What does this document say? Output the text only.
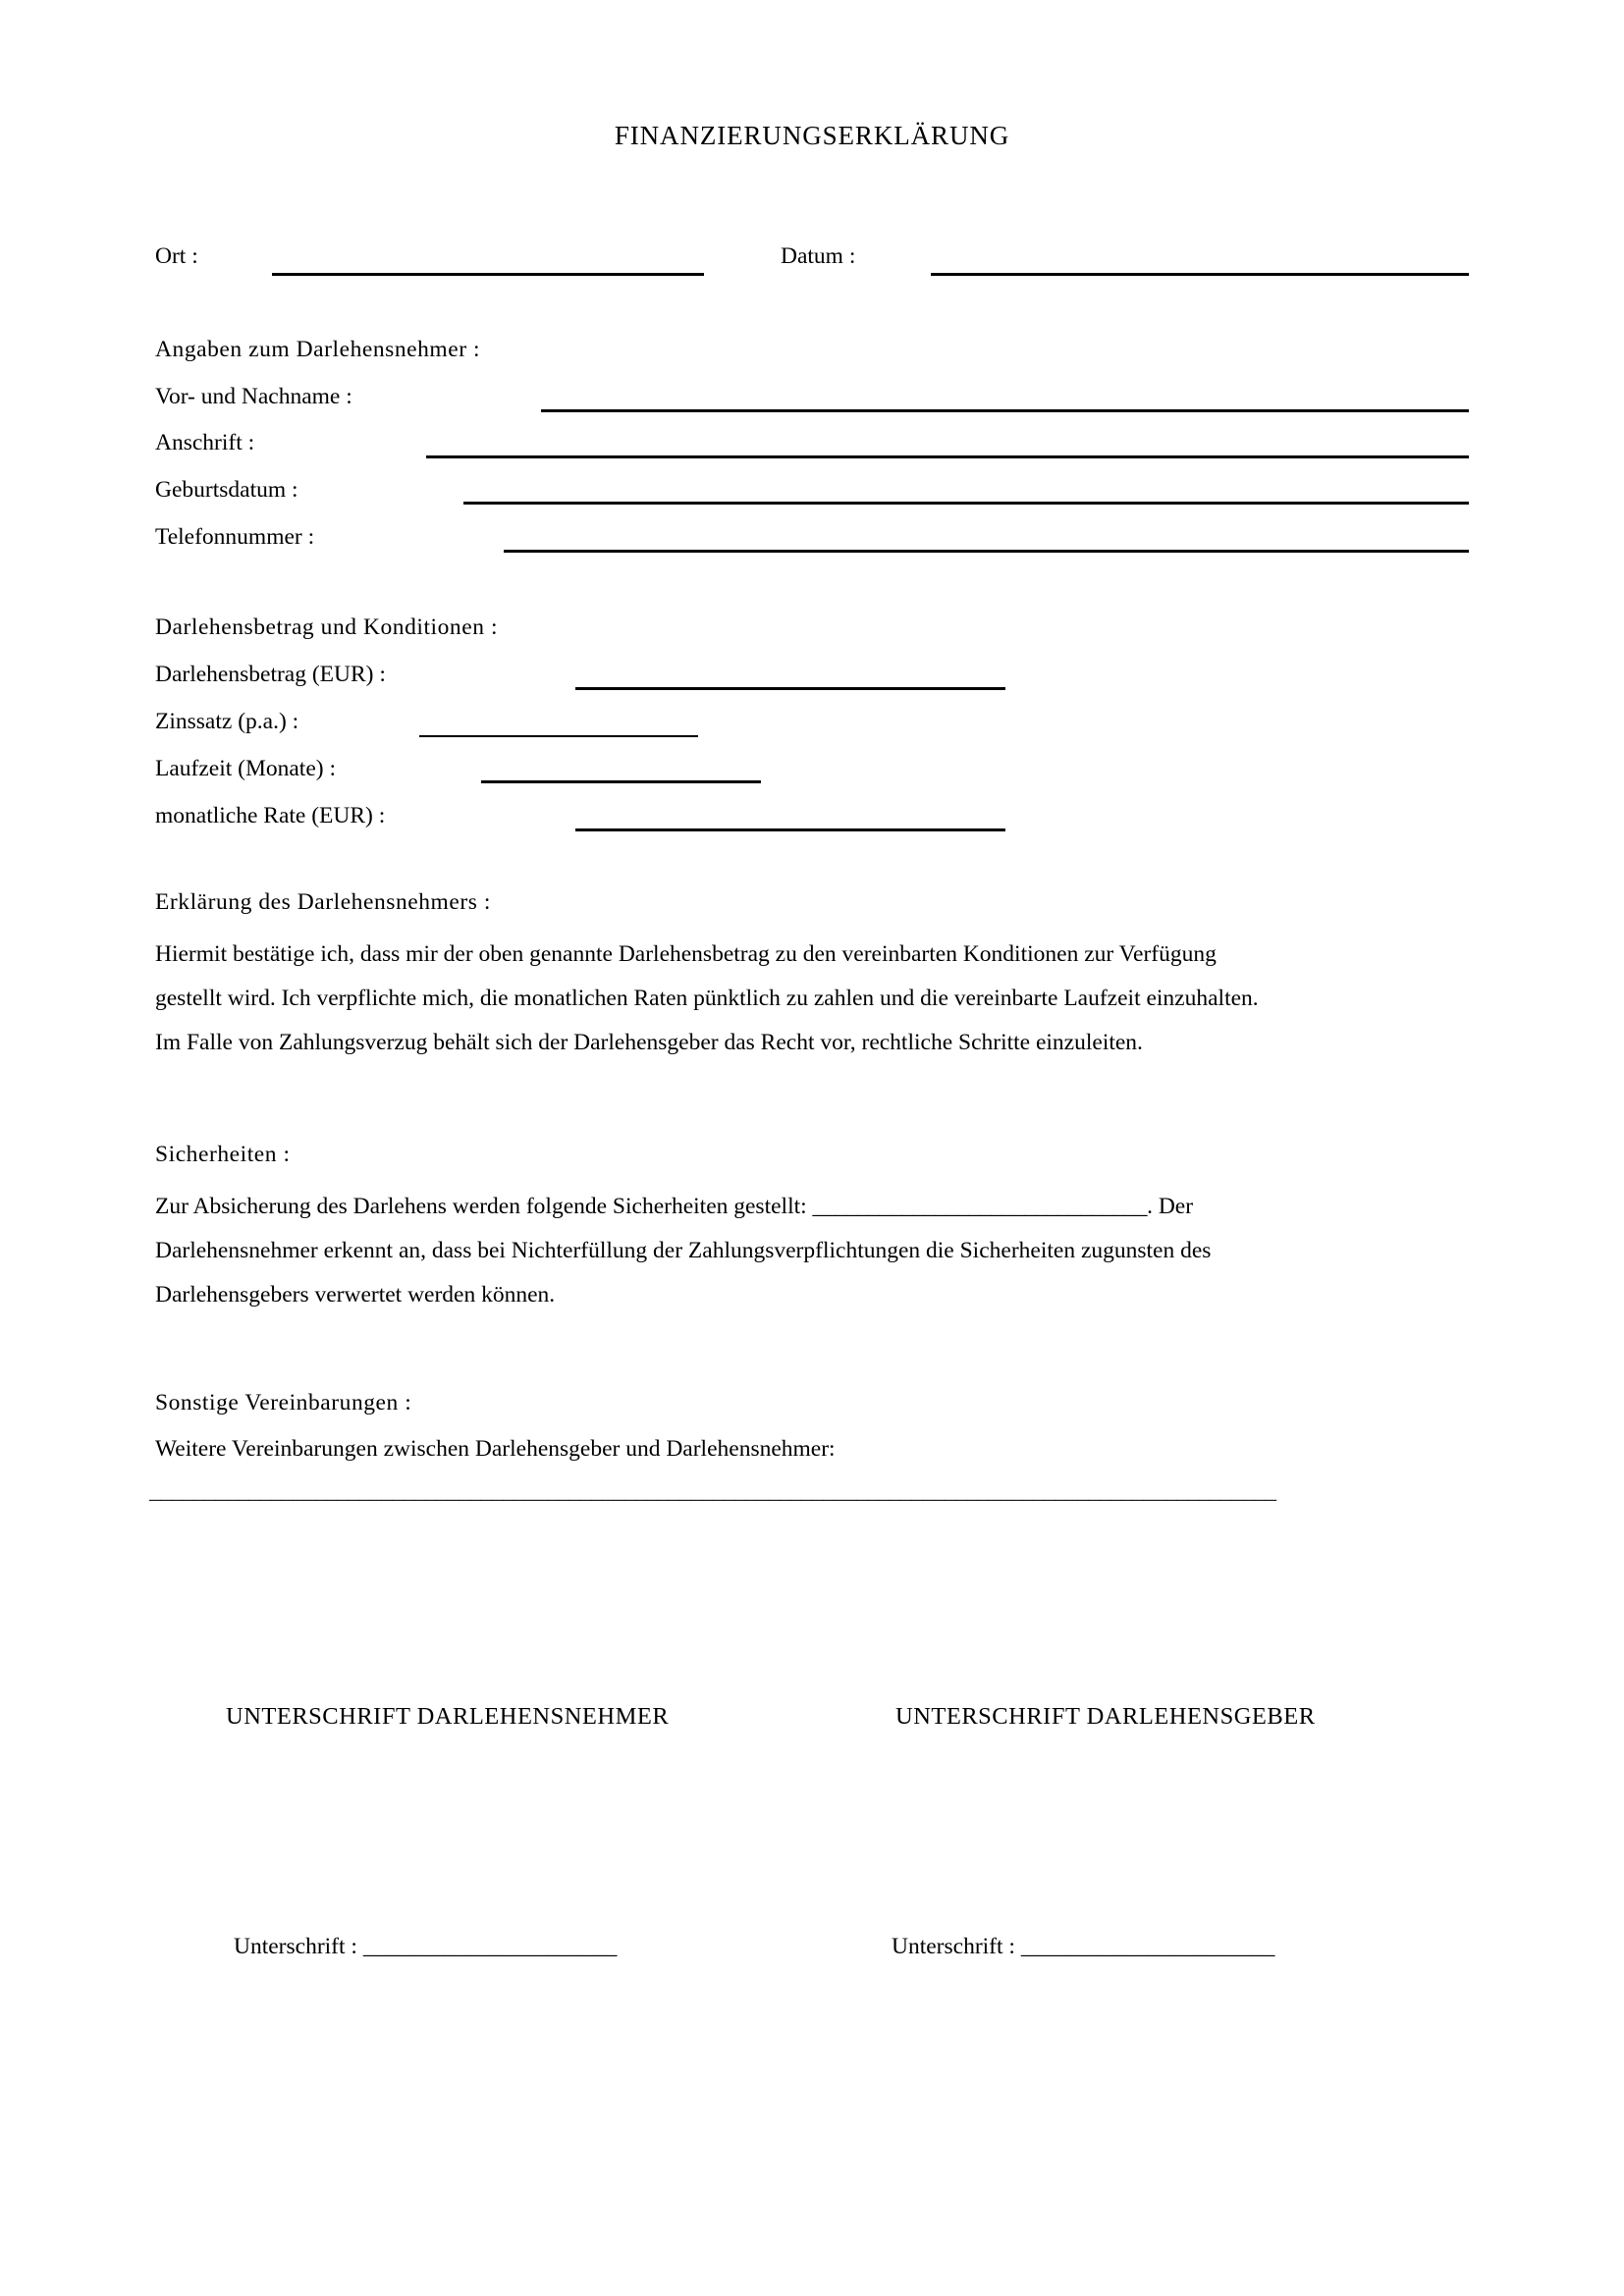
FINANZIERUNGSERKLÄRUNG
Ort :	Datum :
Angaben zum Darlehensnehmer :
Vor- und Nachname :
Anschrift :
Geburtsdatum :
Telefonnummer :
Darlehensbetrag und Konditionen :
Darlehensbetrag (EUR) :
Zinssatz (p.a.) :
Laufzeit (Monate) :
monatliche Rate (EUR) :
Erklärung des Darlehensnehmers :
Hiermit bestätige ich, dass mir der oben genannte Darlehensbetrag zu den vereinbarten Konditionen zur Verfügung
gestellt wird. Ich verpflichte mich, die monatlichen Raten pünktlich zu zahlen und die vereinbarte Laufzeit einzuhalten.
Im Falle von Zahlungsverzug behält sich der Darlehensgeber das Recht vor, rechtliche Schritte einzuleiten.
Sicherheiten :
Zur Absicherung des Darlehens werden folgende Sicherheiten gestellt: ______________________________. Der
Darlehensnehmer erkennt an, dass bei Nichterfüllung der Zahlungsverpflichtungen die Sicherheiten zugunsten des
Darlehensgebers verwertet werden können.
Sonstige Vereinbarungen :
Weitere Vereinbarungen zwischen Darlehensgeber und Darlehensnehmer:
______________________________________________________________________________________________________
UNTERSCHRIFT DARLEHENSNEHMER	UNTERSCHRIFT DARLEHENSGEBER
Unterschrift : ______________________	Unterschrift : ______________________
